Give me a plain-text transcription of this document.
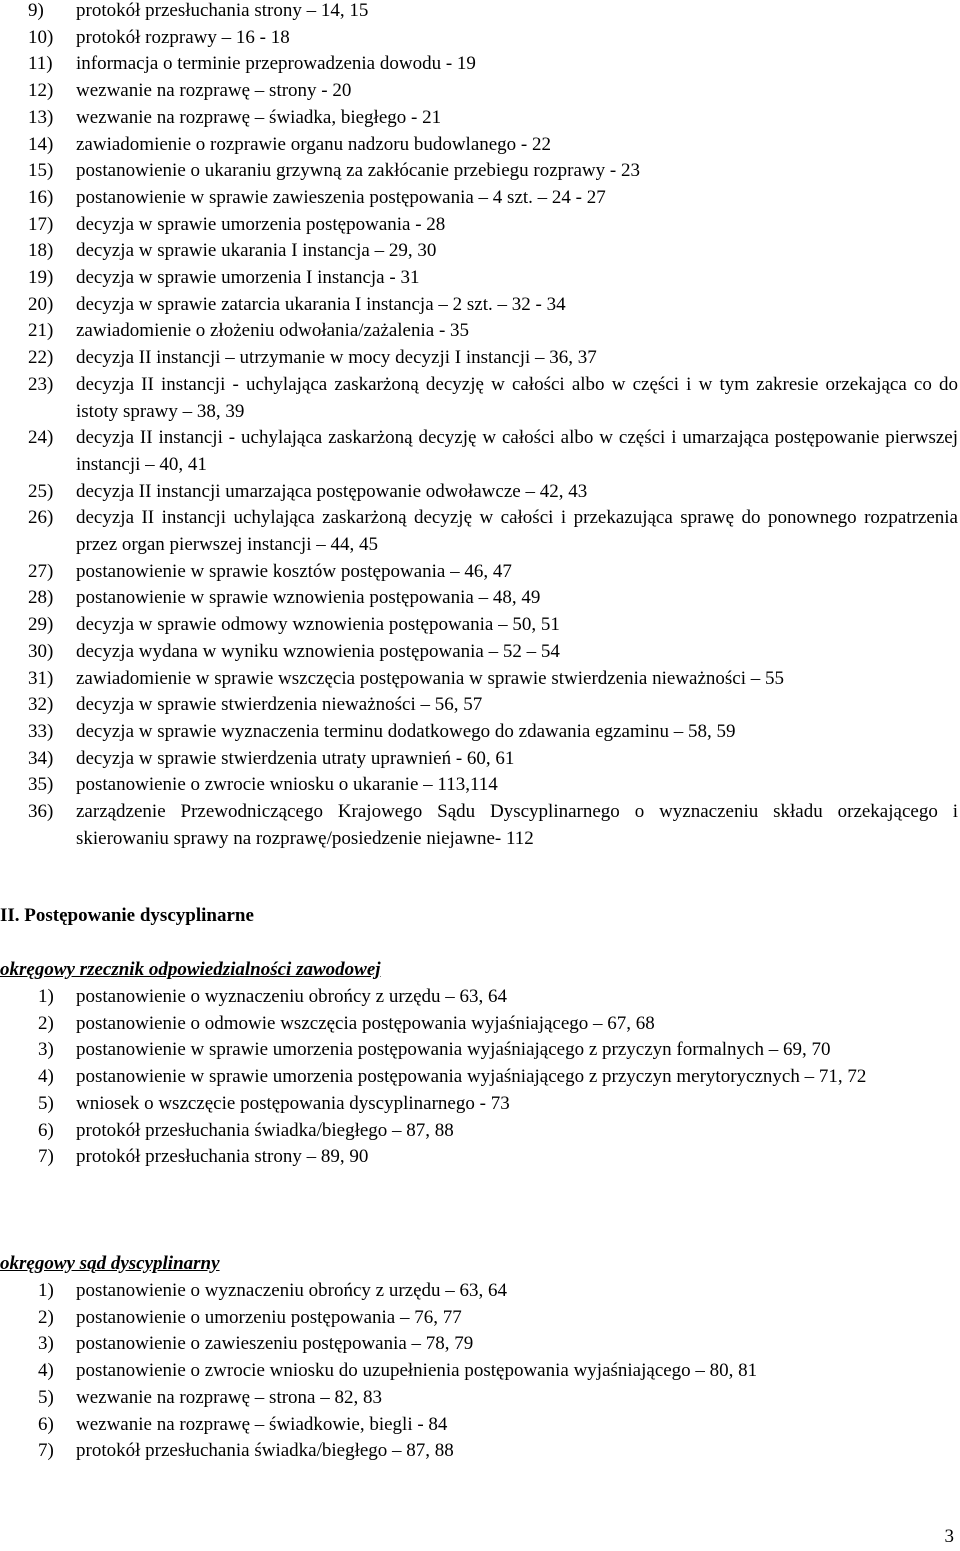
9)	protokół przesłuchania strony – 14, 15
10)	protokół rozprawy – 16 - 18
11)	informacja o terminie przeprowadzenia dowodu - 19
12)	wezwanie na rozprawę – strony - 20
13)	wezwanie na rozprawę – świadka, biegłego - 21
14)	zawiadomienie o rozprawie organu nadzoru budowlanego - 22
15)	postanowienie o ukaraniu grzywną za zakłócanie przebiegu rozprawy - 23
16)	postanowienie w sprawie zawieszenia postępowania – 4 szt. – 24 - 27
17)	decyzja w sprawie umorzenia postępowania - 28
18)	decyzja w sprawie ukarania I instancja – 29, 30
19)	decyzja w sprawie umorzenia I instancja - 31
20)	decyzja w sprawie zatarcia ukarania I instancja – 2 szt. – 32 - 34
21)	zawiadomienie o złożeniu odwołania/zażalenia - 35
22)	decyzja II instancji – utrzymanie w mocy decyzji I instancji – 36, 37
23)	decyzja II instancji - uchylająca zaskarżoną decyzję w całości albo w części i w tym zakresie orzekająca co do istoty sprawy – 38, 39
24)	decyzja II instancji - uchylająca zaskarżoną decyzję w całości albo w części i umarzająca postępowanie pierwszej instancji – 40, 41
25)	decyzja II instancji umarzająca postępowanie odwoławcze – 42, 43
26)	decyzja II instancji uchylająca zaskarżoną decyzję w całości i przekazująca sprawę do ponownego rozpatrzenia przez organ pierwszej instancji – 44, 45
27)	postanowienie w sprawie kosztów postępowania – 46, 47
28)	postanowienie w sprawie wznowienia postępowania – 48, 49
29)	decyzja w sprawie odmowy wznowienia postępowania – 50, 51
30)	decyzja wydana w wyniku wznowienia postępowania – 52 – 54
31)	zawiadomienie w sprawie wszczęcia postępowania w sprawie stwierdzenia nieważności – 55
32)	decyzja w sprawie stwierdzenia nieważności – 56, 57
33)	decyzja w sprawie wyznaczenia terminu dodatkowego do zdawania egzaminu – 58, 59
34)	decyzja w sprawie stwierdzenia utraty uprawnień - 60, 61
35)	postanowienie o zwrocie wniosku o ukaranie – 113,114
36)	zarządzenie Przewodniczącego Krajowego Sądu Dyscyplinarnego o wyznaczeniu składu orzekającego i skierowaniu sprawy na rozprawę/posiedzenie niejawne- 112

II. Postępowanie dyscyplinarne

okręgowy rzecznik odpowiedzialności zawodowej

1)	postanowienie o wyznaczeniu obrońcy z urzędu – 63, 64
2)	postanowienie o odmowie wszczęcia postępowania wyjaśniającego – 67, 68
3)	postanowienie w sprawie umorzenia postępowania wyjaśniającego z przyczyn formalnych – 69, 70
4)	postanowienie w sprawie umorzenia postępowania wyjaśniającego z przyczyn merytorycznych – 71, 72
5)	wniosek o wszczęcie postępowania dyscyplinarnego - 73
6)	protokół przesłuchania świadka/biegłego – 87, 88
7)	protokół przesłuchania strony – 89, 90

okręgowy sąd dyscyplinarny

1)	postanowienie o wyznaczeniu obrońcy z urzędu – 63, 64
2)	postanowienie o umorzeniu postępowania – 76, 77
3)	postanowienie o zawieszeniu postępowania – 78, 79
4)	postanowienie o zwrocie wniosku do uzupełnienia postępowania wyjaśniającego – 80, 81
5)	wezwanie na rozprawę – strona – 82, 83
6)	wezwanie na rozprawę – świadkowie, biegli - 84
7)	protokół przesłuchania świadka/biegłego – 87, 88
3
